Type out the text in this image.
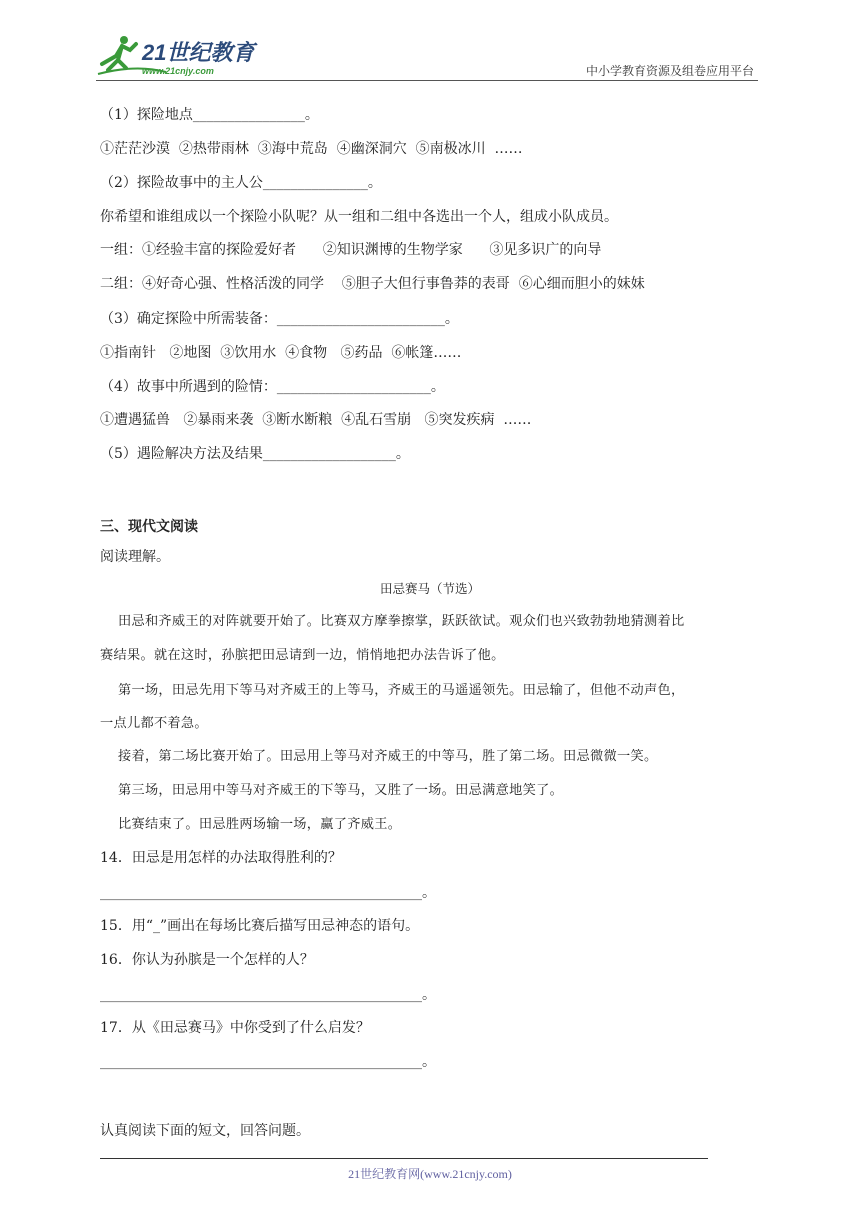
21世纪教育
www.21cnjy.com	中小学教育资源及组卷应用平台
（1）探险地点________________。
①茫茫沙漠  ②热带雨林  ③海中荒岛  ④幽深洞穴  ⑤南极冰川  ……
（2）探险故事中的主人公_______________。
你希望和谁组成以一个探险小队呢？从一组和二组中各选出一个人，组成小队成员。
一组：①经验丰富的探险爱好者      ②知识渊博的生物学家      ③见多识广的向导
二组：④好奇心强、性格活泼的同学    ⑤胆子大但行事鲁莽的表哥  ⑥心细而胆小的妹妹
（3）确定探险中所需装备：________________________。
①指南针   ②地图  ③饮用水  ④食物   ⑤药品  ⑥帐篷……
（4）故事中所遇到的险情：______________________。
①遭遇猛兽   ②暴雨来袭  ③断水断粮  ④乱石雪崩   ⑤突发疾病  ……
（5）遇险解决方法及结果___________________。
三、现代文阅读
阅读理解。
田忌赛马（节选）
田忌和齐威王的对阵就要开始了。比赛双方摩拳擦掌，跃跃欲试。观众们也兴致勃勃地猜测着比
赛结果。就在这时，孙膑把田忌请到一边，悄悄地把办法告诉了他。
第一场，田忌先用下等马对齐威王的上等马，齐威王的马遥遥领先。田忌输了，但他不动声色，
一点儿都不着急。
接着，第二场比赛开始了。田忌用上等马对齐威王的中等马，胜了第二场。田忌微微一笑。
第三场，田忌用中等马对齐威王的下等马，又胜了一场。田忌满意地笑了。
比赛结束了。田忌胜两场输一场，赢了齐威王。
14．田忌是用怎样的办法取得胜利的？
______________________________________________。
15．用“_”画出在每场比赛后描写田忌神态的语句。
16．你认为孙膑是一个怎样的人？
______________________________________________。
17．从《田忌赛马》中你受到了什么启发？
______________________________________________。
认真阅读下面的短文，回答问题。
21世纪教育网(www.21cnjy.com)
